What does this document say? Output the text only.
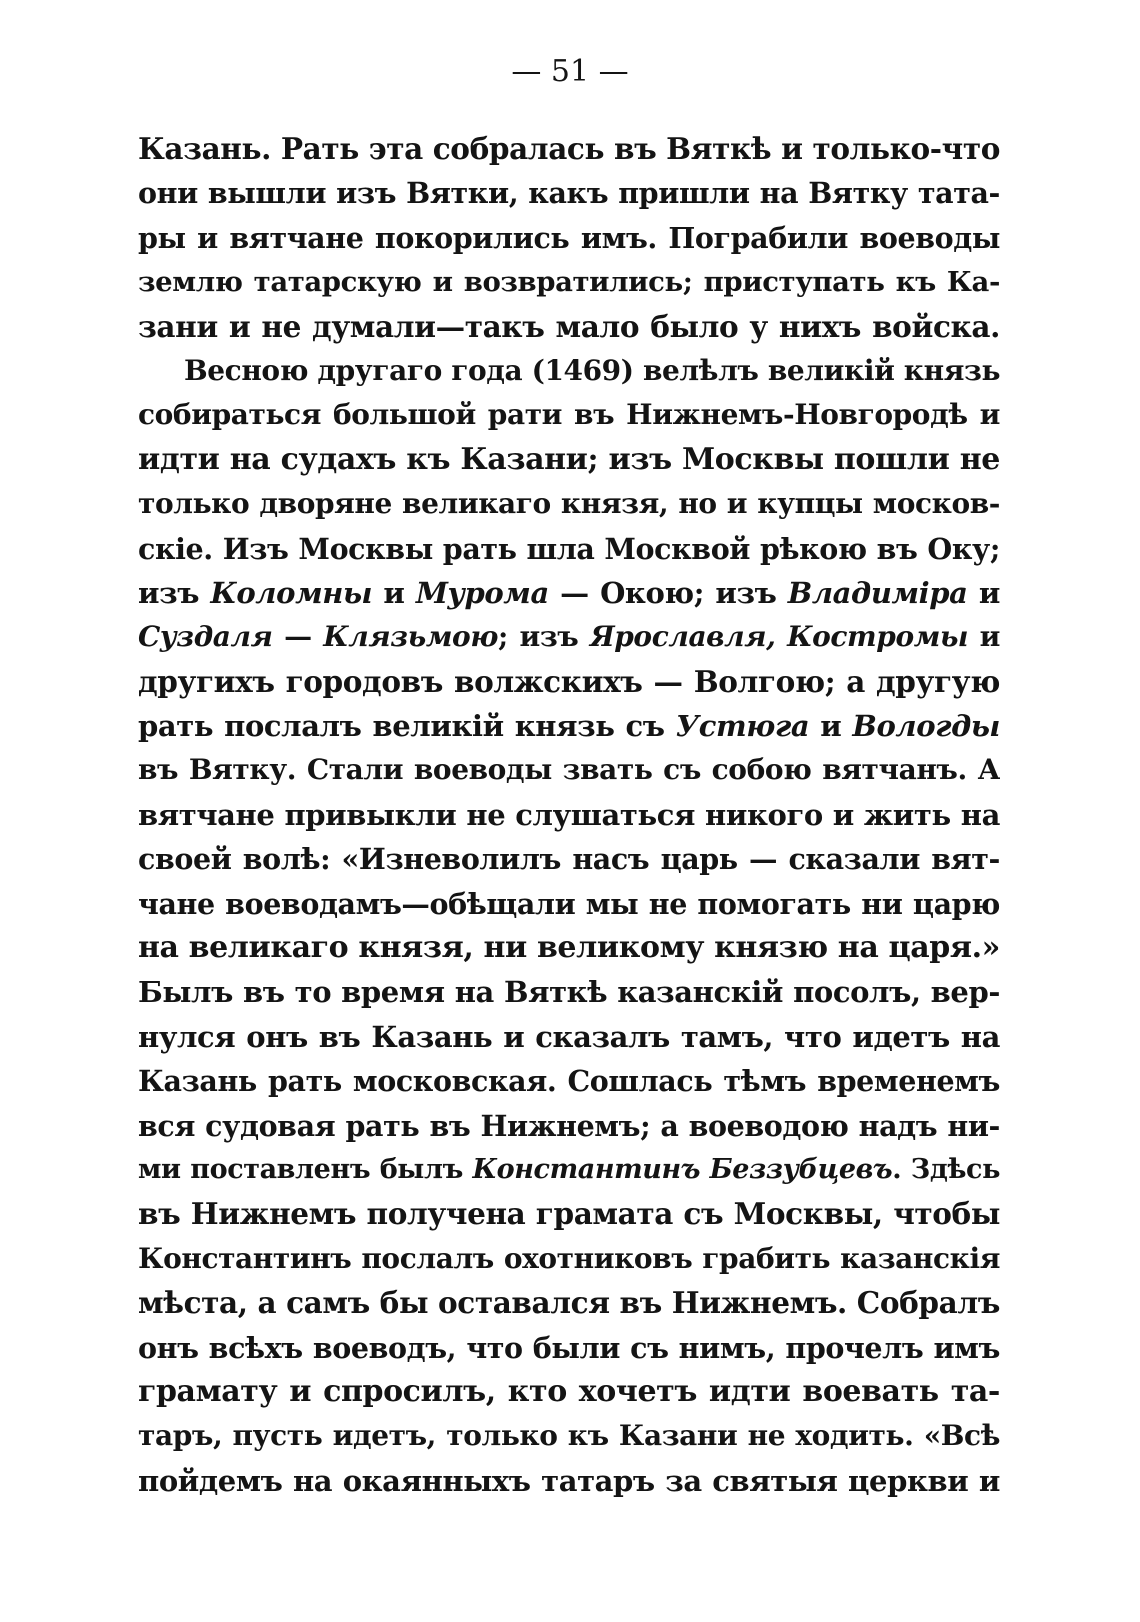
— 51 —
Казань. Рать эта собралась въ Вяткѣ и только-что
они вышли изъ Вятки, какъ пришли на Вятку тата-
ры и вятчане покорились имъ. Пограбили воеводы
землю татарскую и возвратились; приступать къ Ка-
зани и не думали—такъ мало было у нихъ войска.
Весною другаго года (1469) велѣлъ великій князь
собираться большой рати въ Нижнемъ-Новгородѣ и
идти на судахъ къ Казани; изъ Москвы пошли не
только дворяне великаго князя, но и купцы москов-
скіе. Изъ Москвы рать шла Москвой рѣкою въ Оку;
изъ Коломны и Мурома — Окою; изъ Владиміра и
Суздаля — Клязьмою; изъ Ярославля, Костромы и
другихъ городовъ волжскихъ — Волгою; а другую
рать послалъ великій князь съ Устюга и Вологды
въ Вятку. Стали воеводы звать съ собою вятчанъ. А
вятчане привыкли не слушаться никого и жить на
своей волѣ: «Изневолилъ насъ царь — сказали вят-
чане воеводамъ—обѣщали мы не помогать ни царю
на великаго князя, ни великому князю на царя.»
Былъ въ то время на Вяткѣ казанскій посолъ, вер-
нулся онъ въ Казань и сказалъ тамъ, что идетъ на
Казань рать московская. Сошлась тѣмъ временемъ
вся судовая рать въ Нижнемъ; а воеводою надъ ни-
ми поставленъ былъ Константинъ Беззубцевъ. Здѣсь
въ Нижнемъ получена грамата съ Москвы, чтобы
Константинъ послалъ охотниковъ грабить казанскія
мѣста, а самъ бы оставался въ Нижнемъ. Собралъ
онъ всѣхъ воеводъ, что были съ нимъ, прочелъ имъ
грамату и спросилъ, кто хочетъ идти воевать та-
таръ, пусть идетъ, только къ Казани не ходить. «Всѣ
пойдемъ на окаянныхъ татаръ за святыя церкви и
